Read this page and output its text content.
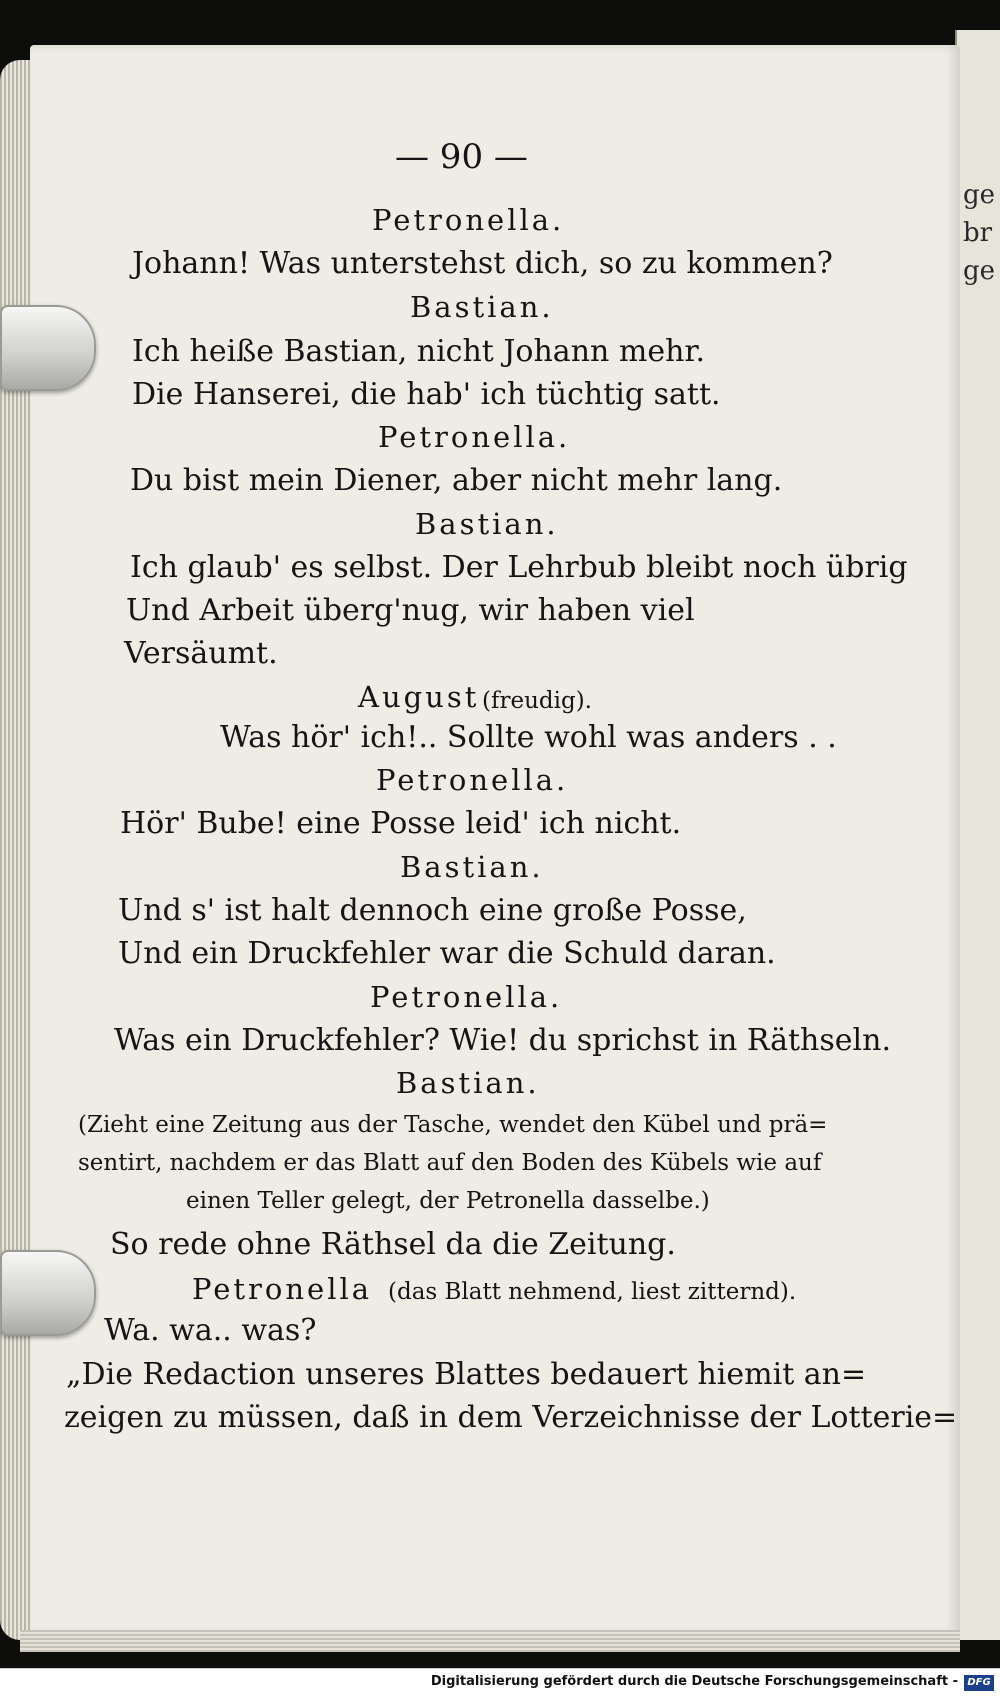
ge
br
ge
— 90 —
Petronella.
Johann! Was unterstehst dich, so zu kommen?
Bastian.
Ich heiße Bastian, nicht Johann mehr.
Die Hanserei, die hab' ich tüchtig satt.
Petronella.
Du bist mein Diener, aber nicht mehr lang.
Bastian.
Ich glaub' es selbst. Der Lehrbub bleibt noch übrig
Und Arbeit überg'nug, wir haben viel
Versäumt.
August (freudig).
Was hör' ich!.. Sollte wohl was anders . .
Petronella.
Hör' Bube! eine Posse leid' ich nicht.
Bastian.
Und s' ist halt dennoch eine große Posse,
Und ein Druckfehler war die Schuld daran.
Petronella.
Was ein Druckfehler? Wie! du sprichst in Räthseln.
Bastian.
(Zieht eine Zeitung aus der Tasche, wendet den Kübel und prä=
sentirt, nachdem er das Blatt auf den Boden des Kübels wie auf
einen Teller gelegt, der Petronella dasselbe.)
So rede ohne Räthsel da die Zeitung.
Petronella (das Blatt nehmend, liest zitternd).
Wa. wa.. was?
„Die Redaction unseres Blattes bedauert hiemit an=
zeigen zu müssen, daß in dem Verzeichnisse der Lotterie=
Digitalisierung gefördert durch die Deutsche Forschungsgemeinschaft - DFG
